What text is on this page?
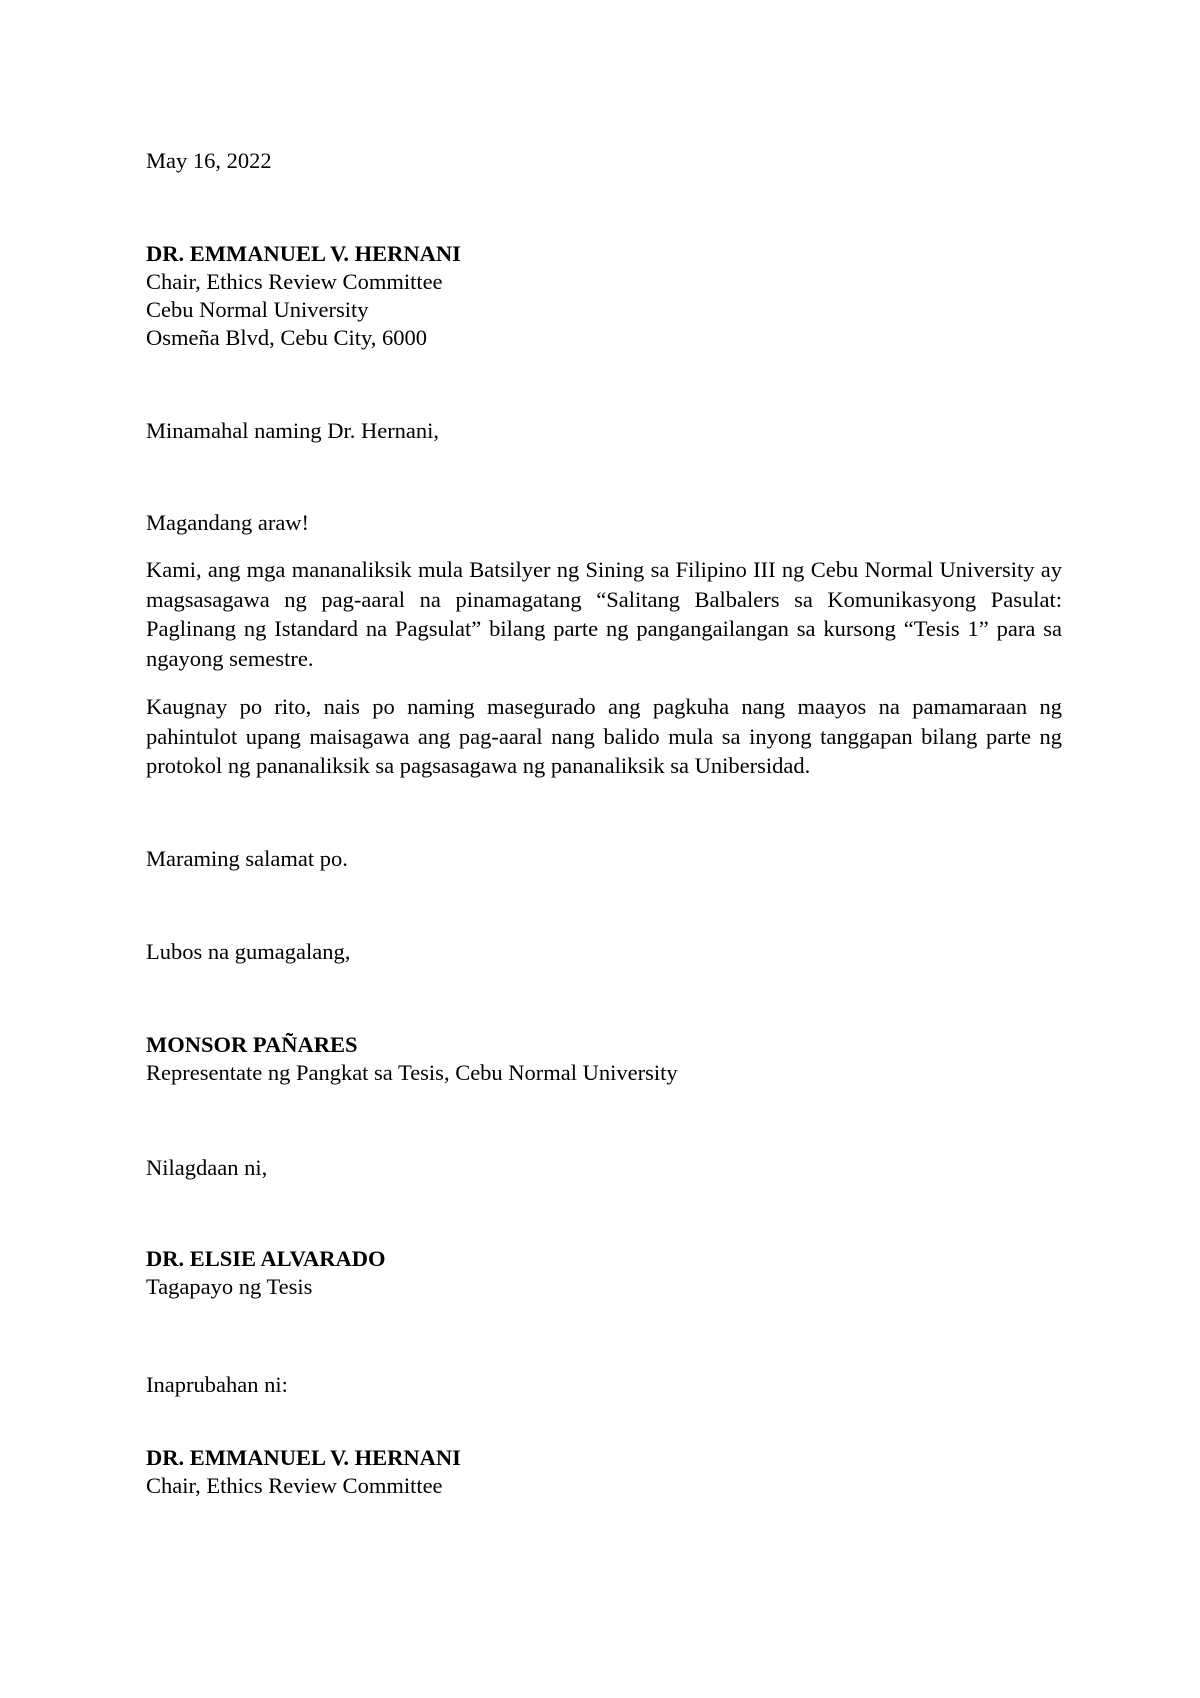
May 16, 2022
DR. EMMANUEL V. HERNANI
Chair, Ethics Review Committee
Cebu Normal University
Osmeña Blvd, Cebu City, 6000
Minamahal naming Dr. Hernani,
Magandang araw!

Kami, ang mga mananaliksik mula Batsilyer ng Sining sa Filipino III ng Cebu Normal University ay magsasagawa ng pag-aaral na pinamagatang “Salitang Balbalers sa Komunikasyong Pasulat: Paglinang ng Istandard na Pagsulat” bilang parte ng pangangailangan sa kursong “Tesis 1” para sa ngayong semestre.

Kaugnay po rito, nais po naming masegurado ang pagkuha nang maayos na pamamaraan ng pahintulot upang maisagawa ang pag-aaral nang balido mula sa inyong tanggapan bilang parte ng protokol ng pananaliksik sa pagsasagawa ng pananaliksik sa Unibersidad.

Maraming salamat po.
Lubos na gumagalang,
MONSOR PAÑARES
Representate ng Pangkat sa Tesis, Cebu Normal University
Nilagdaan ni,
DR. ELSIE ALVARADO
Tagapayo ng Tesis
Inaprubahan ni:
DR. EMMANUEL V. HERNANI
Chair, Ethics Review Committee
